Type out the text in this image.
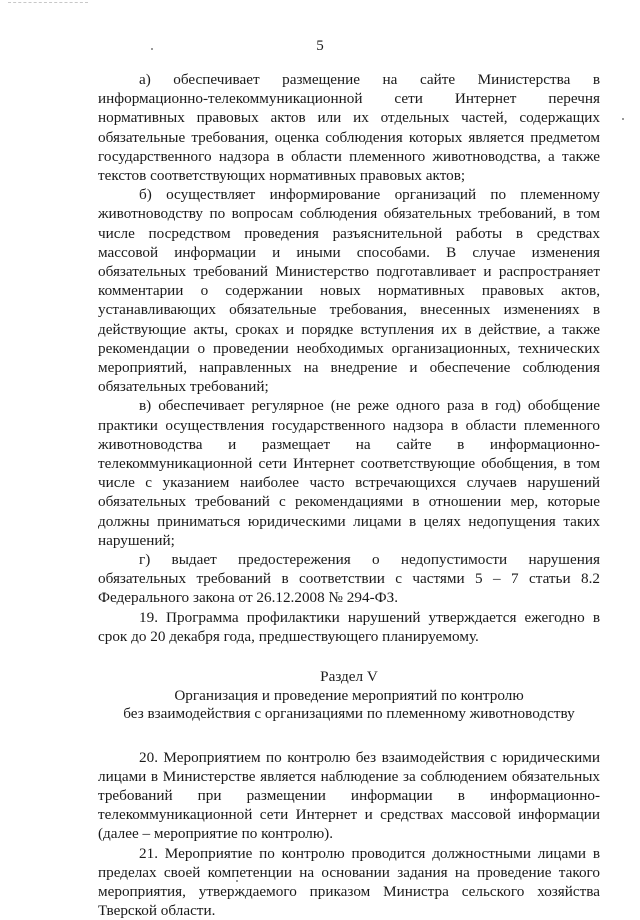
5

а) обеспечивает размещение на сайте Министерства в информационно-телекоммуникационной сети Интернет перечня нормативных правовых актов или их отдельных частей, содержащих обязательные требования, оценка соблюдения которых является предметом государственного надзора в области племенного животноводства, а также текстов соответствующих нормативных правовых актов;

б) осуществляет информирование организаций по племенному животноводству по вопросам соблюдения обязательных требований, в том числе посредством проведения разъяснительной работы в средствах массовой информации и иными способами. В случае изменения обязательных требований Министерство подготавливает и распространяет комментарии о содержании новых нормативных правовых актов, устанавливающих обязательные требования, внесенных изменениях в действующие акты, сроках и порядке вступления их в действие, а также рекомендации о проведении необходимых организационных, технических мероприятий, направленных на внедрение и обеспечение соблюдения обязательных требований;

в) обеспечивает регулярное (не реже одного раза в год) обобщение практики осуществления государственного надзора в области племенного животноводства и размещает на сайте в информационно-телекоммуникационной сети Интернет соответствующие обобщения, в том числе с указанием наиболее часто встречающихся случаев нарушений обязательных требований с рекомендациями в отношении мер, которые должны приниматься юридическими лицами в целях недопущения таких нарушений;

г) выдает предостережения о недопустимости нарушения обязательных требований в соответствии с частями 5 – 7 статьи 8.2 Федерального закона от 26.12.2008 № 294-ФЗ.

19. Программа профилактики нарушений утверждается ежегодно в срок до 20 декабря года, предшествующего планируемому.

Раздел V
Организация и проведение мероприятий по контролю
без взаимодействия с организациями по племенному животноводству

20. Мероприятием по контролю без взаимодействия с юридическими лицами в Министерстве является наблюдение за соблюдением обязательных требований при размещении информации в информационно-телекоммуникационной сети Интернет и средствах массовой информации (далее – мероприятие по контролю).

21. Мероприятие по контролю проводится должностными лицами в пределах своей компетенции на основании задания на проведение такого мероприятия, утверждаемого приказом Министра сельского хозяйства Тверской области.
